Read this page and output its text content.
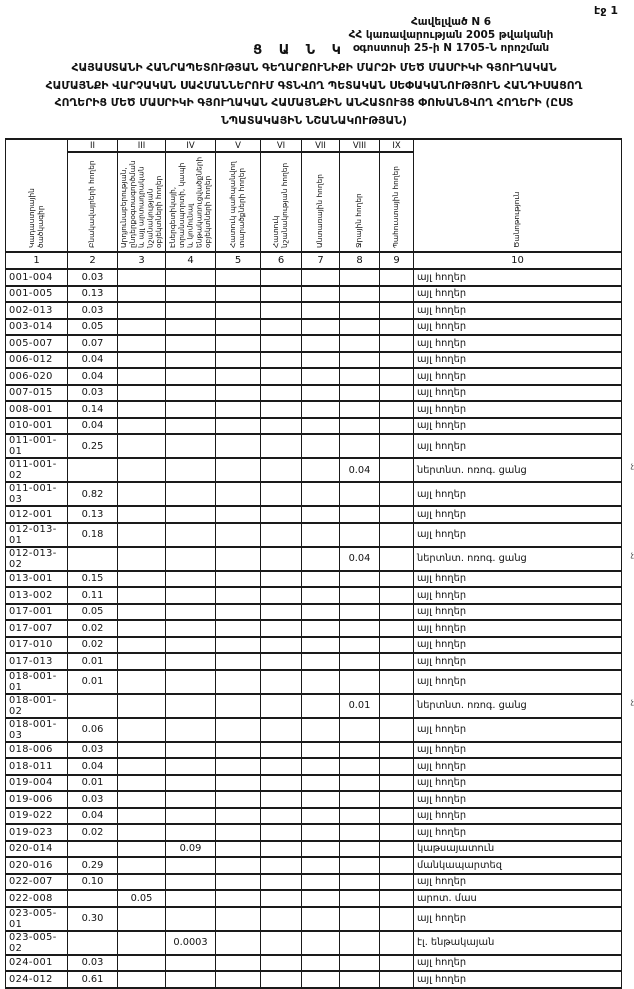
էջ 1
Հավելված N 6
ՀՀ կառավարության 2005 թվականի
օգոստոսի 25-ի N 1705-Ն որոշման
Ց Ա Ն Կ
ՀԱՅԱՍՏԱՆԻ ՀԱՆՐԱՊԵՏՈՒԹՅԱՆ ԳԵՂԱՐՔՈՒՆԻՔԻ ՄԱՐԶԻ ՄԵԾ ՄԱՍՐԻԿԻ ԳՅՈՒՂԱԿԱՆ
ՀԱՄԱՅՆՔԻ ՎԱՐՉԱԿԱՆ ՍԱՀՄԱՆՆԵՐՈՒՄ ԳՏՆՎՈՂ ՊԵՏԱԿԱՆ ՍԵՓԱԿԱՆՈՒԹՅՈՒՆ ՀԱՆԴԻՍԱՑՈՂ
ՀՈՂԵՐԻՑ ՄԵԾ ՄԱՍՐԻԿԻ ԳՅՈՒՂԱԿԱՆ ՀԱՄԱՅՆՔԻՆ ԱՆՀԱՏՈՒՅՑ ՓՈԽԱՆՑՎՈՂ ՀՈՂԵՐԻ (ԸՍՏ
ՆՊԱՏԱԿԱՅԻՆ ՆՇԱՆԱԿՈՒԹՅԱՆ)
Կադաստրային ծածկագիր	II	III	IV	V	VI	VII	VIII	IX	Ծանոթություն

	Բնակավայրերի հողեր	Արդյունաբերության, ընդերքօգտագործման և այլ արտադրական նշանակության օբյեկտների հողեր	Էներգետիկայի, տրանսպորտի, կապի և կոմունալ ենթակառուցվածքների օբյեկտների հողեր	Հատուկ պահպանվող տարածքների հողեր	Հատուկ նշանակության հողեր	Անտառային հողեր	Ջրային հողեր	Պահուստային հողեր	

1	2	3	4	5	6	7	8	9	10
001-004	0.03								այլ հողեր
001-005	0.13								այլ հողեր
002-013	0.03								այլ հողեր
003-014	0.05								այլ հողեր
005-007	0.07								այլ հողեր
006-012	0.04								այլ հողեր
006-020	0.04								այլ հողեր
007-015	0.03								այլ հողեր
008-001	0.14								այլ հողեր
010-001	0.04								այլ հողեր
011-001-01	0.25								այլ հողեր
011-001-02							0.04		ներտնտ. ոռոգ. ցանց չ

011-001-03	0.82								այլ հողեր
012-001	0.13								այլ հողեր
012-013-01	0.18								այլ հողեր
012-013-02							0.04		ներտնտ. ոռոգ. ցանց չ

013-001	0.15								այլ հողեր
013-002	0.11								այլ հողեր
017-001	0.05								այլ հողեր
017-007	0.02								այլ հողեր
017-010	0.02								այլ հողեր
017-013	0.01								այլ հողեր
018-001-01	0.01								այլ հողեր
018-001-02							0.01		ներտնտ. ոռոգ. ցանց չ

018-001-03	0.06								այլ հողեր
018-006	0.03								այլ հողեր
018-011	0.04								այլ հողեր
019-004	0.01								այլ հողեր
019-006	0.03								այլ հողեր
019-022	0.04								այլ հողեր
019-023	0.02								այլ հողեր
020-014			0.09						կաթսայատուն
020-016	0.29								մանկապարտեզ
022-007	0.10								այլ հողեր
022-008		0.05							արոտ. մաս
023-005-01	0.30								այլ հողեր
023-005-02			0.0003						էլ. ենթակայան
024-001	0.03								այլ հողեր
024-012	0.61								այլ հողեր
